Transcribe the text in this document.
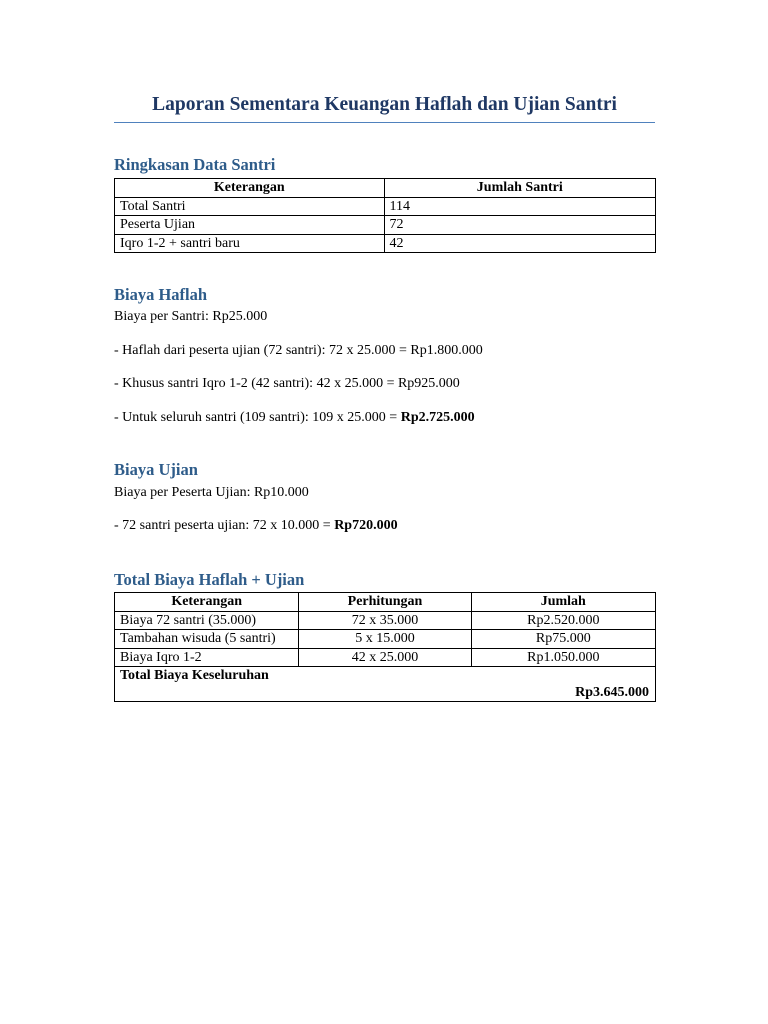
Laporan Sementara Keuangan Haflah dan Ujian Santri
Ringkasan Data Santri
Keterangan	Jumlah Santri
Total Santri	114
Peserta Ujian	72
Iqro 1-2 + santri baru	42
Biaya Haflah
Biaya per Santri: Rp25.000
- Haflah dari peserta ujian (72 santri): 72 x 25.000 = Rp1.800.000
- Khusus santri Iqro 1-2 (42 santri): 42 x 25.000 = Rp925.000
- Untuk seluruh santri (109 santri): 109 x 25.000 = Rp2.725.000
Biaya Ujian
Biaya per Peserta Ujian: Rp10.000
- 72 santri peserta ujian: 72 x 10.000 = Rp720.000
Total Biaya Haflah + Ujian
Keterangan	Perhitungan	Jumlah
Biaya 72 santri (35.000)	72 x 35.000	Rp2.520.000
Tambahan wisuda (5 santri)	5 x 15.000	Rp75.000
Biaya Iqro 1-2	42 x 25.000	Rp1.050.000
Total Biaya Keseluruhan
Rp3.645.000		
